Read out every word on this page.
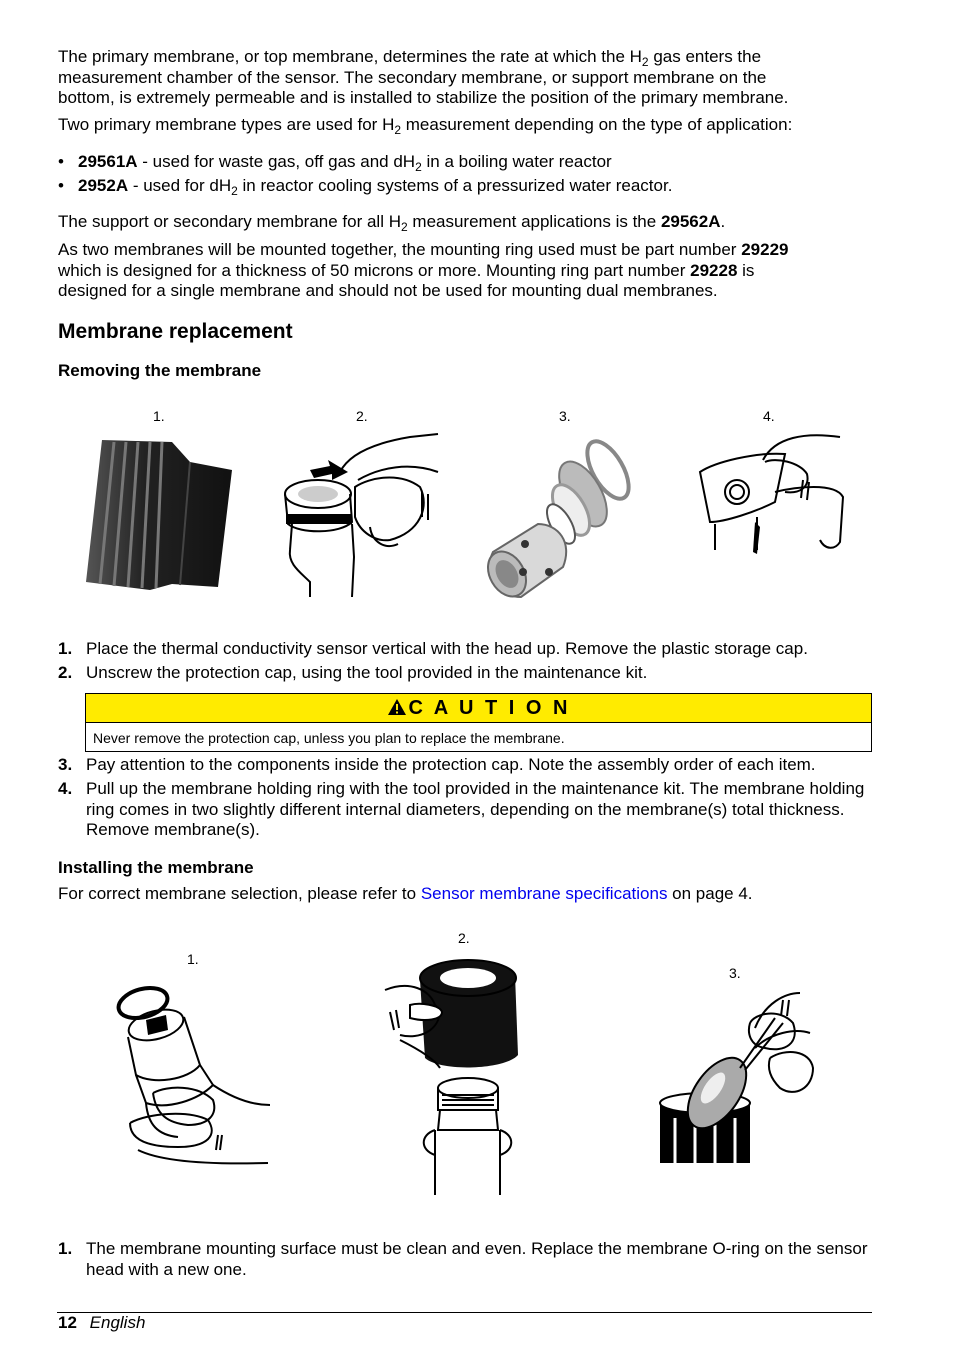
The primary membrane, or top membrane, determines the rate at which the $H_2$ gas enters the
measurement chamber of the sensor. The secondary membrane, or support membrane on the
bottom, is extremely permeable and is installed to stabilize the position of the primary membrane.

Two primary membrane types are used for $H_2$ measurement depending on the type of application:

• 29561A - used for waste gas, off gas and $dH_2$ in a boiling water reactor
• 2952A - used for $dH_2$ in reactor cooling systems of a pressurized water reactor.

The support or secondary membrane for all $H_2$ measurement applications is the 29562A.

As two membranes will be mounted together, the mounting ring used must be part number 29229
which is designed for a thickness of 50 microns or more. Mounting ring part number 29228 is
designed for a single membrane and should not be used for mounting dual membranes.

Membrane replacement
Removing the membrane
1.	2.	3.	4.
1. Place the thermal conductivity sensor vertical with the head up. Remove the plastic storage cap.
2. Unscrew the protection cap, using the tool provided in the maintenance kit.
C A U T I O N
Never remove the protection cap, unless you plan to replace the membrane.
3. Pay attention to the components inside the protection cap. Note the assembly order of each item.
4. Pull up the membrane holding ring with the tool provided in the maintenance kit. The membrane holding ring comes in two slightly different internal diameters, depending on the membrane(s) total thickness. Remove membrane(s).
Installing the membrane

For correct membrane selection, please refer to Sensor membrane specifications on page 4.

1.
2.
3.
1. The membrane mounting surface must be clean and even. Replace the membrane O-ring on the sensor head with a new one.
12 English
